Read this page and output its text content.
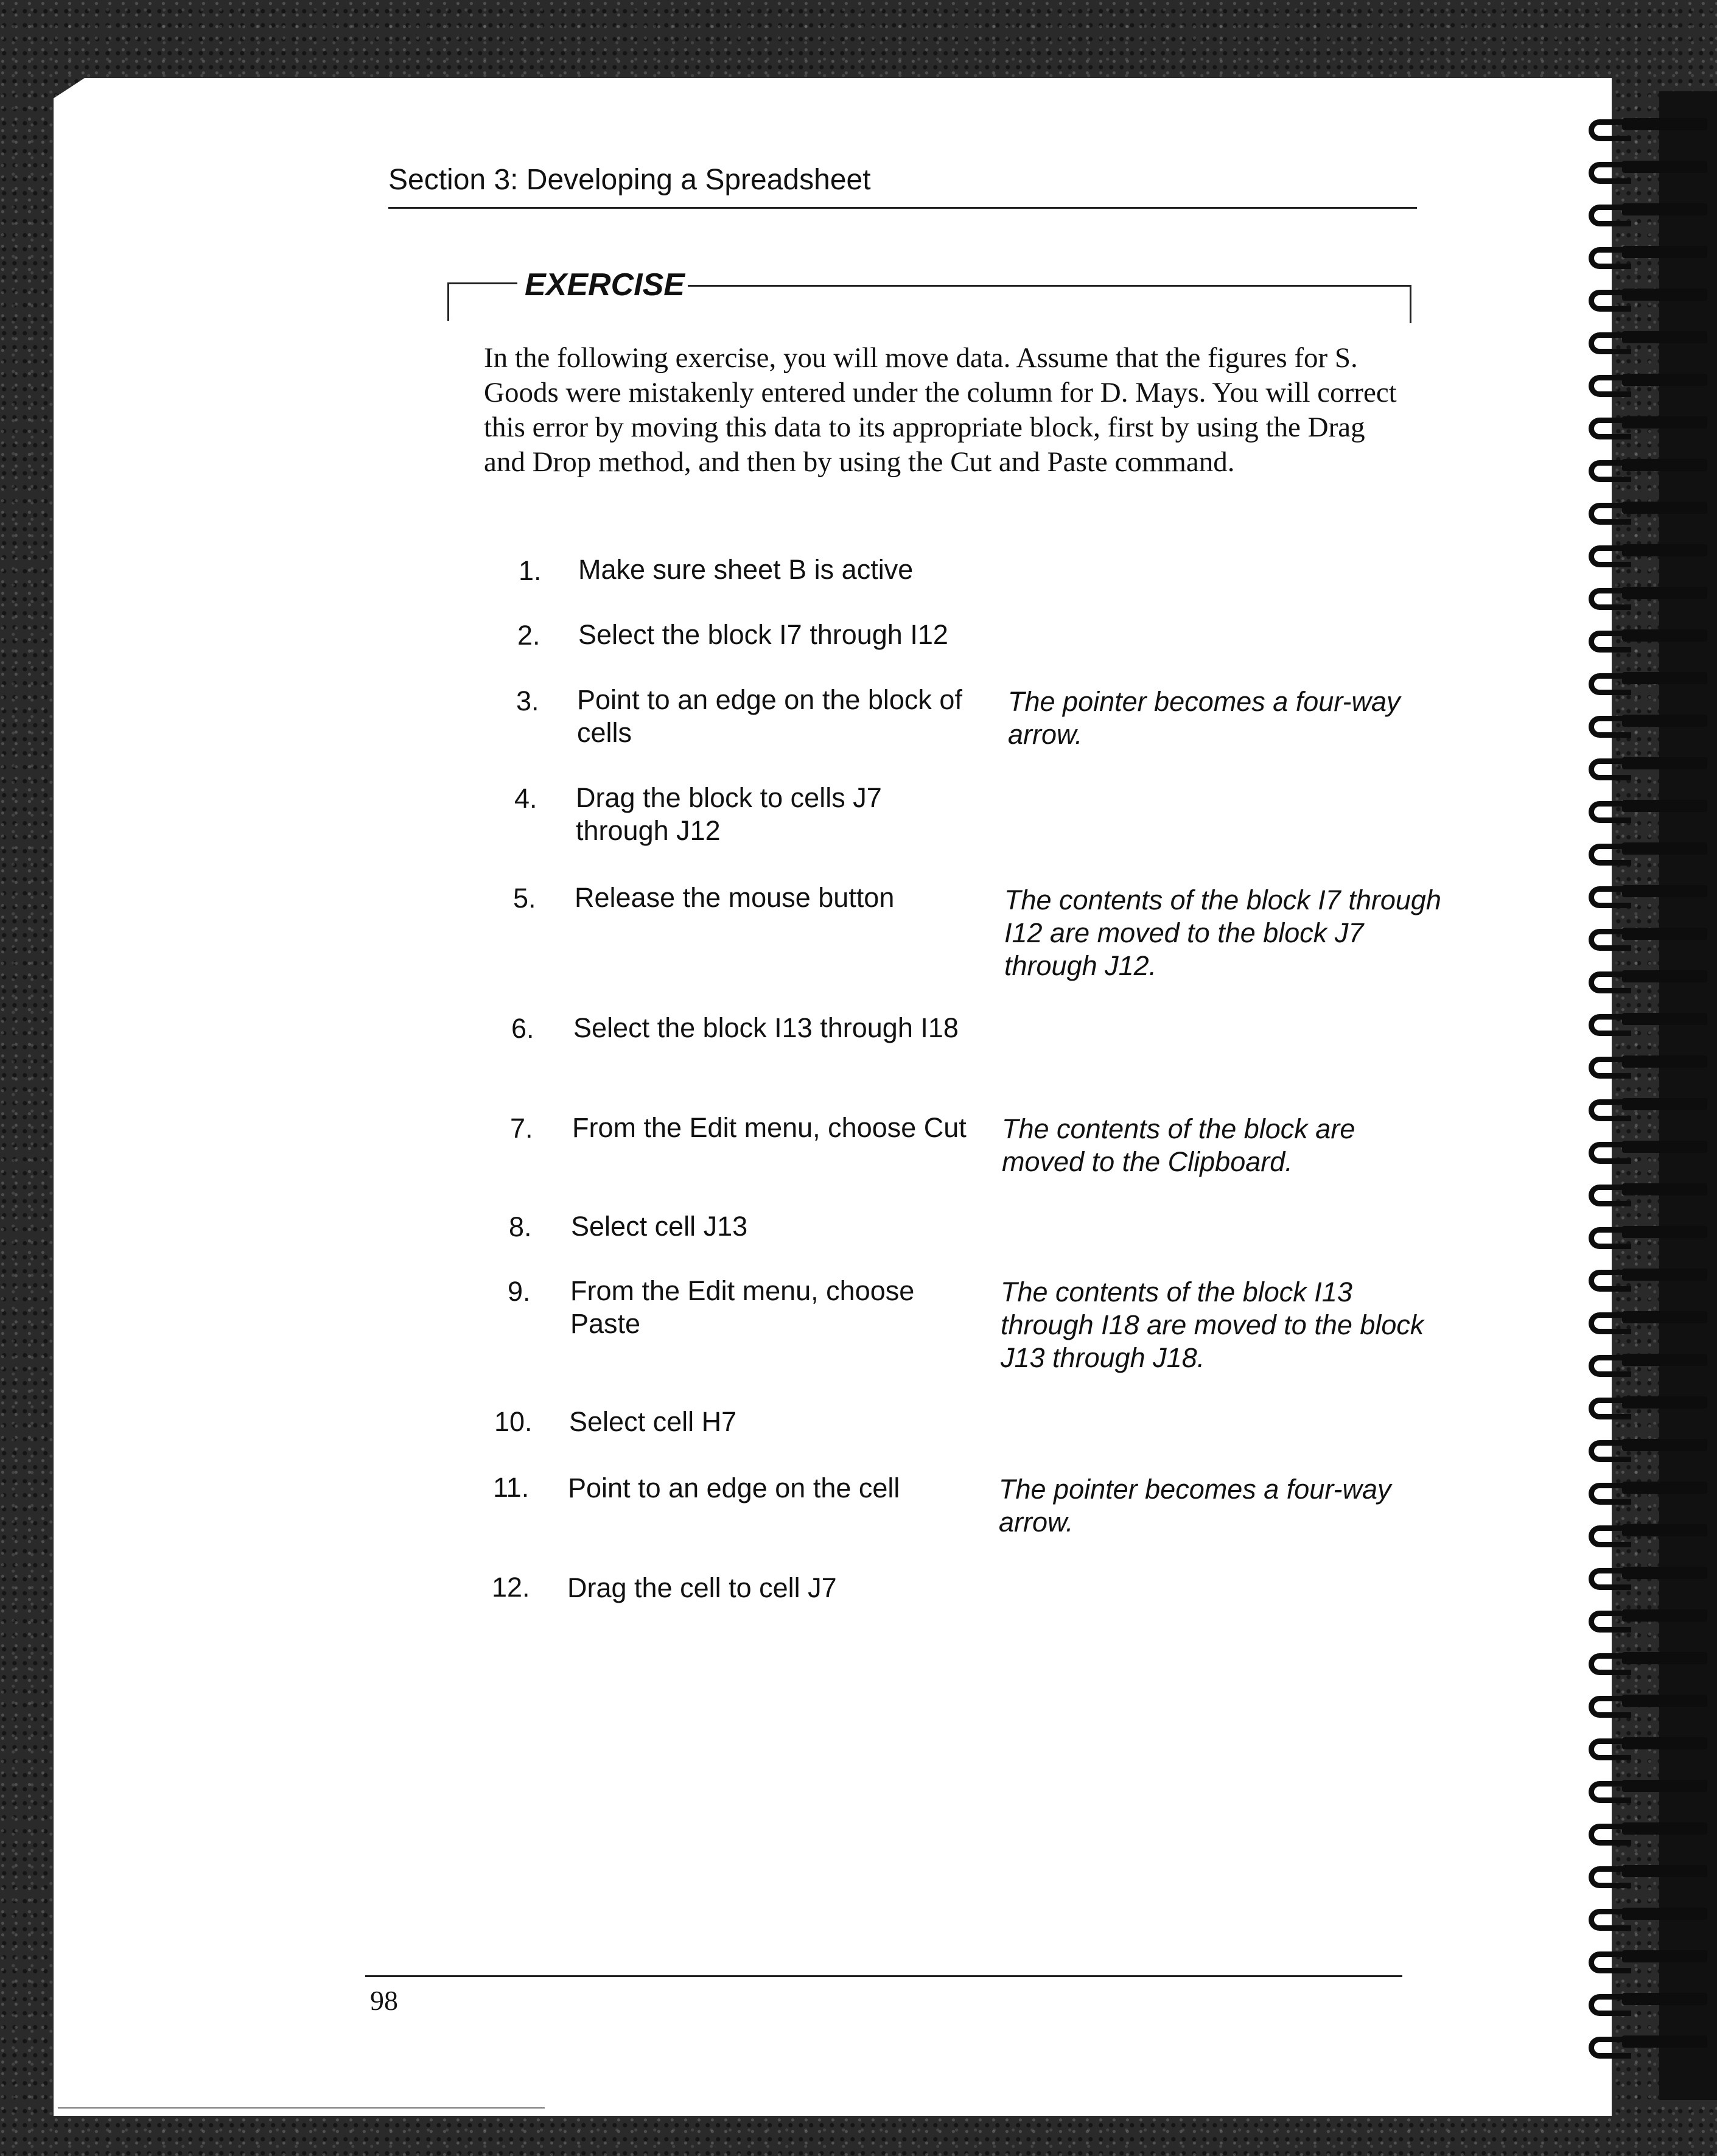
Section 3: Developing a Spreadsheet
EXERCISE

In the following exercise, you will move data. Assume that the figures for S. Goods were mistakenly entered under the column for D. Mays. You will correct this error by moving this data to its appropriate block, first by using the Drag and Drop method, and then by using the Cut and Paste command.

1. Make sure sheet B is active
2. Select the block I7 through I12
3. Point to an edge on the block of cells
The pointer becomes a four-way arrow.
4. Drag the block to cells J7 through J12
5. Release the mouse button	The contents of the block I7 through I12 are moved to the block J7 through J12.
6. Select the block I13 through I18
7. From the Edit menu, choose Cut The contents of the block are moved to the Clipboard.
8. Select cell J13
9. From the Edit menu, choose Paste
The contents of the block I13 through I18 are moved to the block J13 through J18.
10. Select cell H7
11. Point to an edge on the cell	The pointer becomes a four-way arrow.
12. Drag the cell to cell J7
98
